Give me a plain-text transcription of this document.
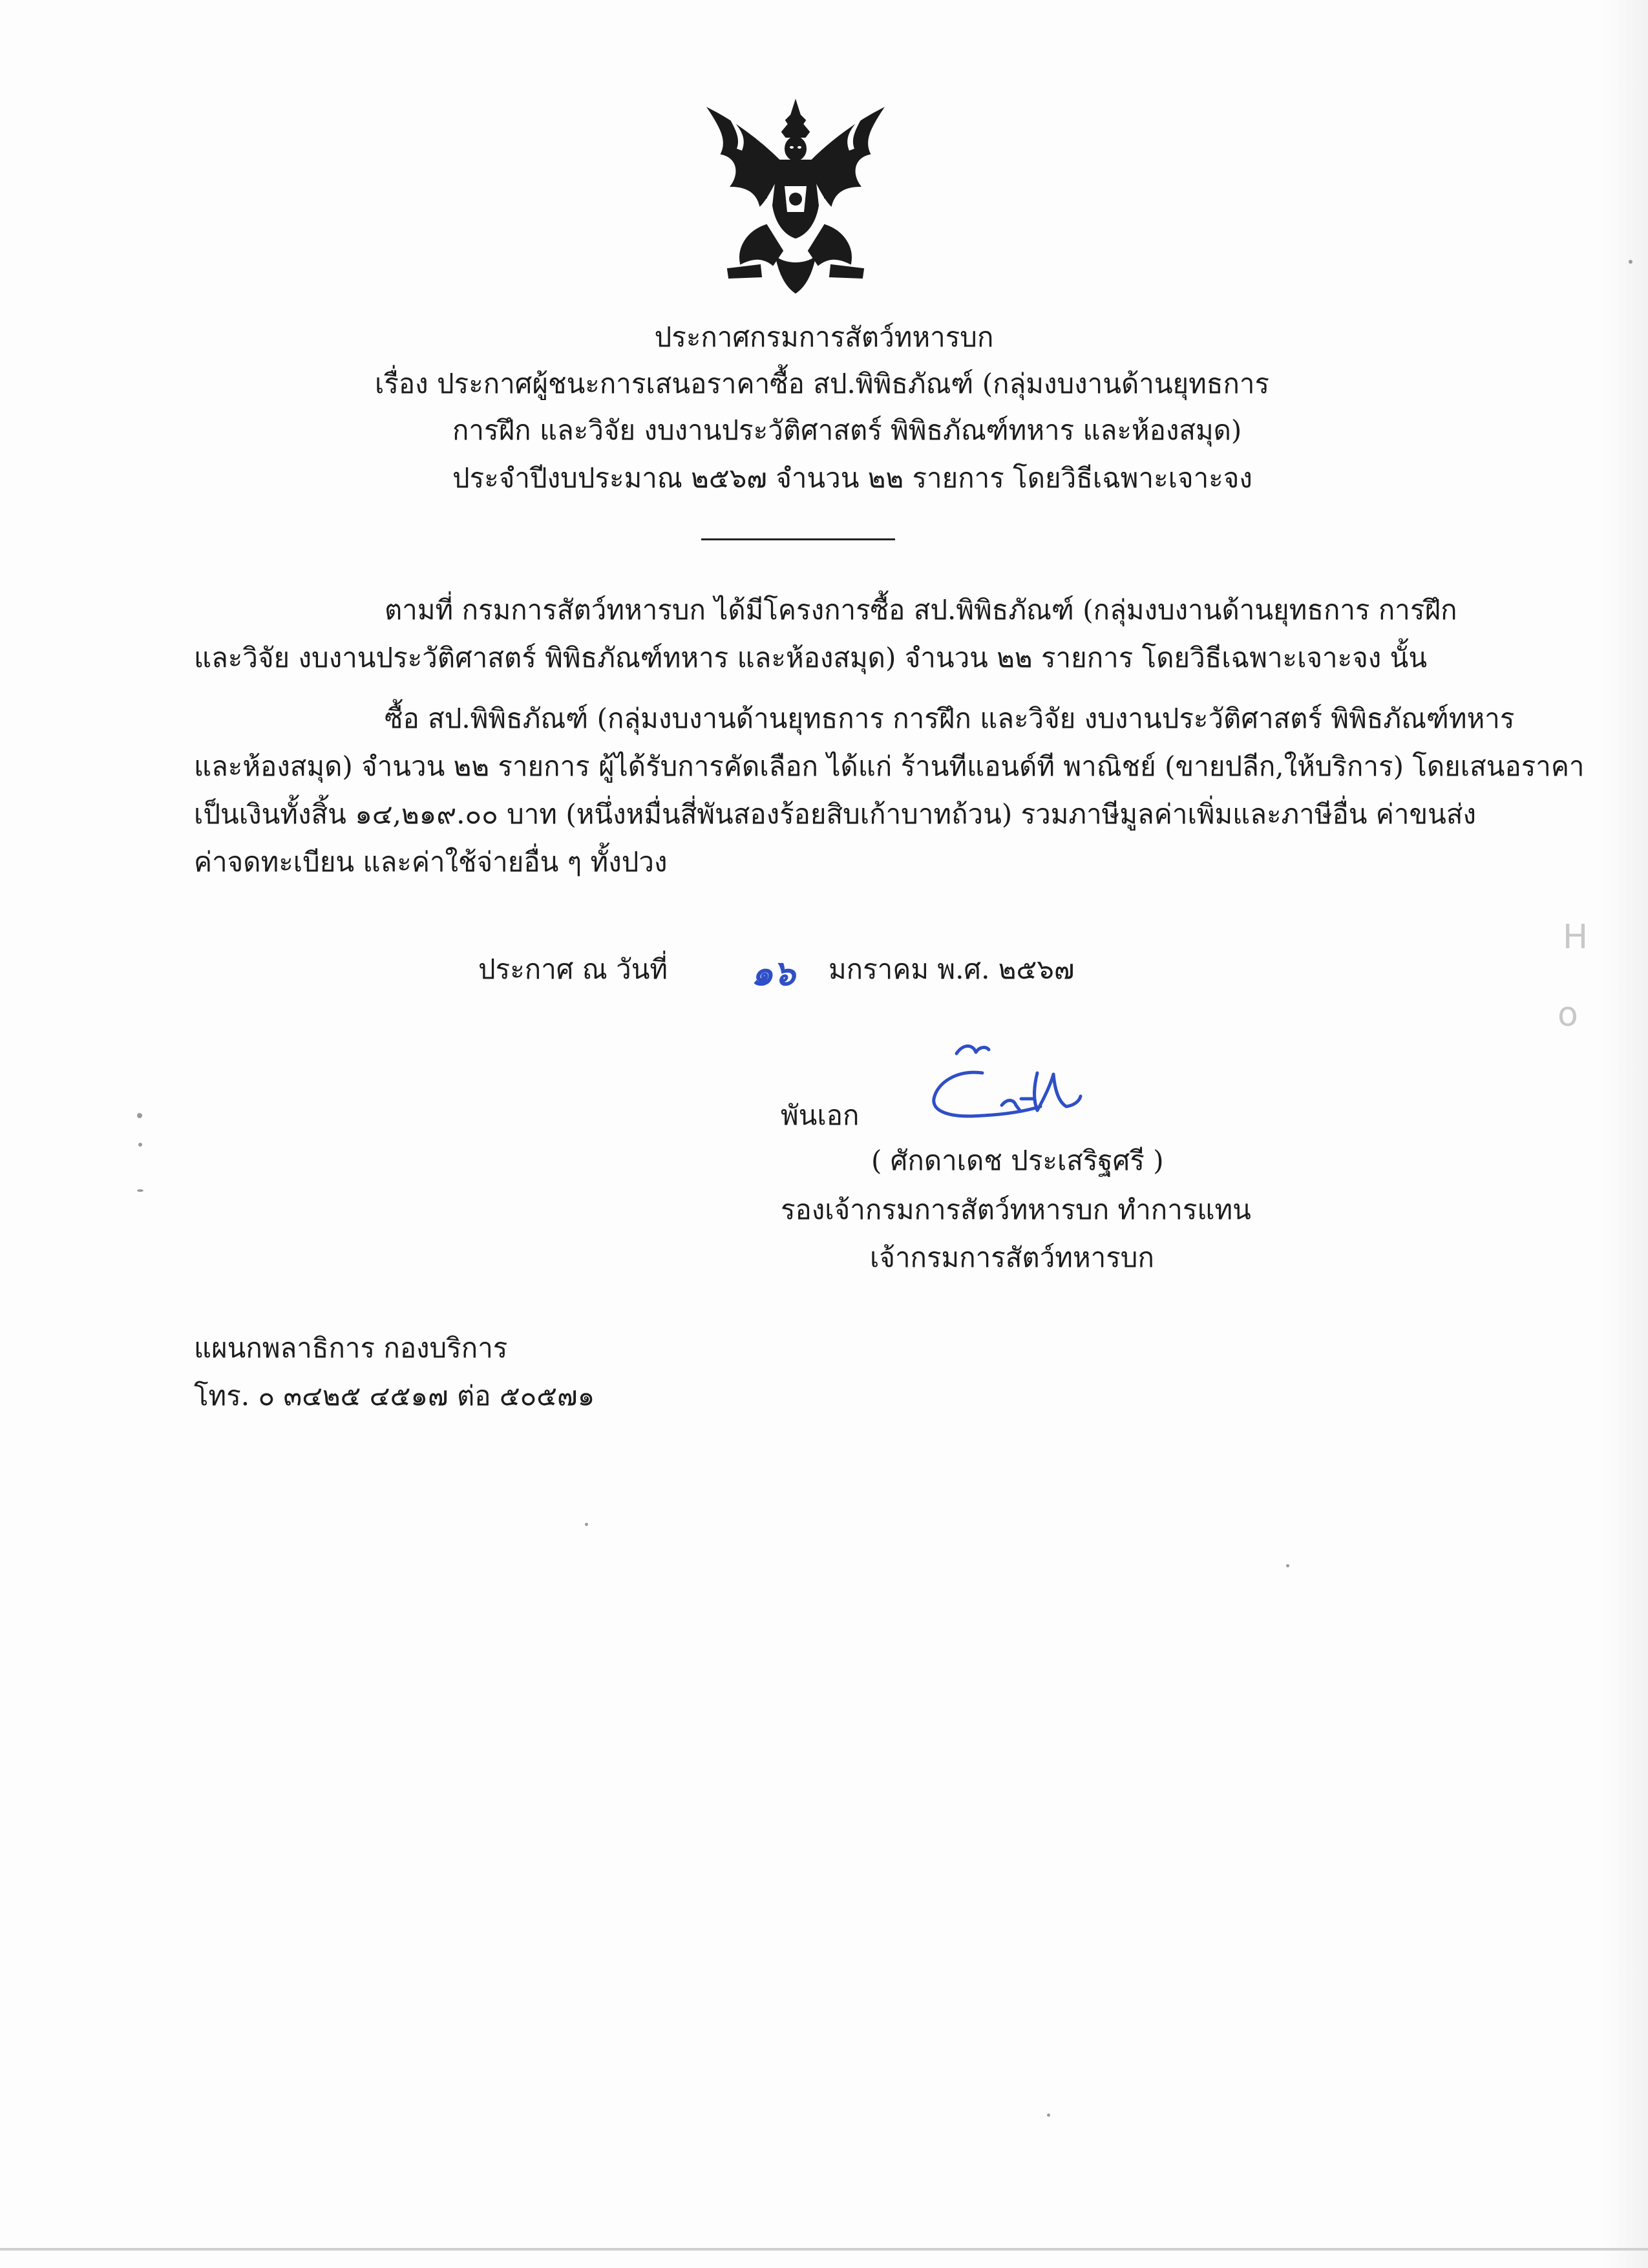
ประกาศกรมการสัตว์ทหารบก
เรื่อง ประกาศผู้ชนะการเสนอราคาซื้อ สป.พิพิธภัณฑ์ (กลุ่มงบงานด้านยุทธการ
การฝึก และวิจัย งบงานประวัติศาสตร์ พิพิธภัณฑ์ทหาร และห้องสมุด)
ประจำปีงบประมาณ ๒๕๖๗ จำนวน ๒๒ รายการ โดยวิธีเฉพาะเจาะจง
ตามที่ กรมการสัตว์ทหารบก ได้มีโครงการซื้อ สป.พิพิธภัณฑ์ (กลุ่มงบงานด้านยุทธการ การฝึก
และวิจัย งบงานประวัติศาสตร์ พิพิธภัณฑ์ทหาร และห้องสมุด) จำนวน ๒๒ รายการ โดยวิธีเฉพาะเจาะจง นั้น
ซื้อ สป.พิพิธภัณฑ์ (กลุ่มงบงานด้านยุทธการ การฝึก และวิจัย งบงานประวัติศาสตร์ พิพิธภัณฑ์ทหาร
และห้องสมุด) จำนวน ๒๒ รายการ ผู้ได้รับการคัดเลือก ได้แก่ ร้านทีแอนด์ที พาณิชย์ (ขายปลีก,ให้บริการ) โดยเสนอราคา
เป็นเงินทั้งสิ้น ๑๔,๒๑๙.๐๐ บาท (หนึ่งหมื่นสี่พันสองร้อยสิบเก้าบาทถ้วน) รวมภาษีมูลค่าเพิ่มและภาษีอื่น ค่าขนส่ง
ค่าจดทะเบียน และค่าใช้จ่ายอื่น ๆ ทั้งปวง
ประกาศ ณ วันที่ ๑๖ มกราคม พ.ศ. ๒๕๖๗
พันเอก
( ศักดาเดช ประเสริฐศรี )
รองเจ้ากรมการสัตว์ทหารบก ทำการแทน
เจ้ากรมการสัตว์ทหารบก
แผนกพลาธิการ กองบริการ
โทร. ๐ ๓๔๒๕ ๔๕๑๗ ต่อ ๕๐๕๗๑
H
o
